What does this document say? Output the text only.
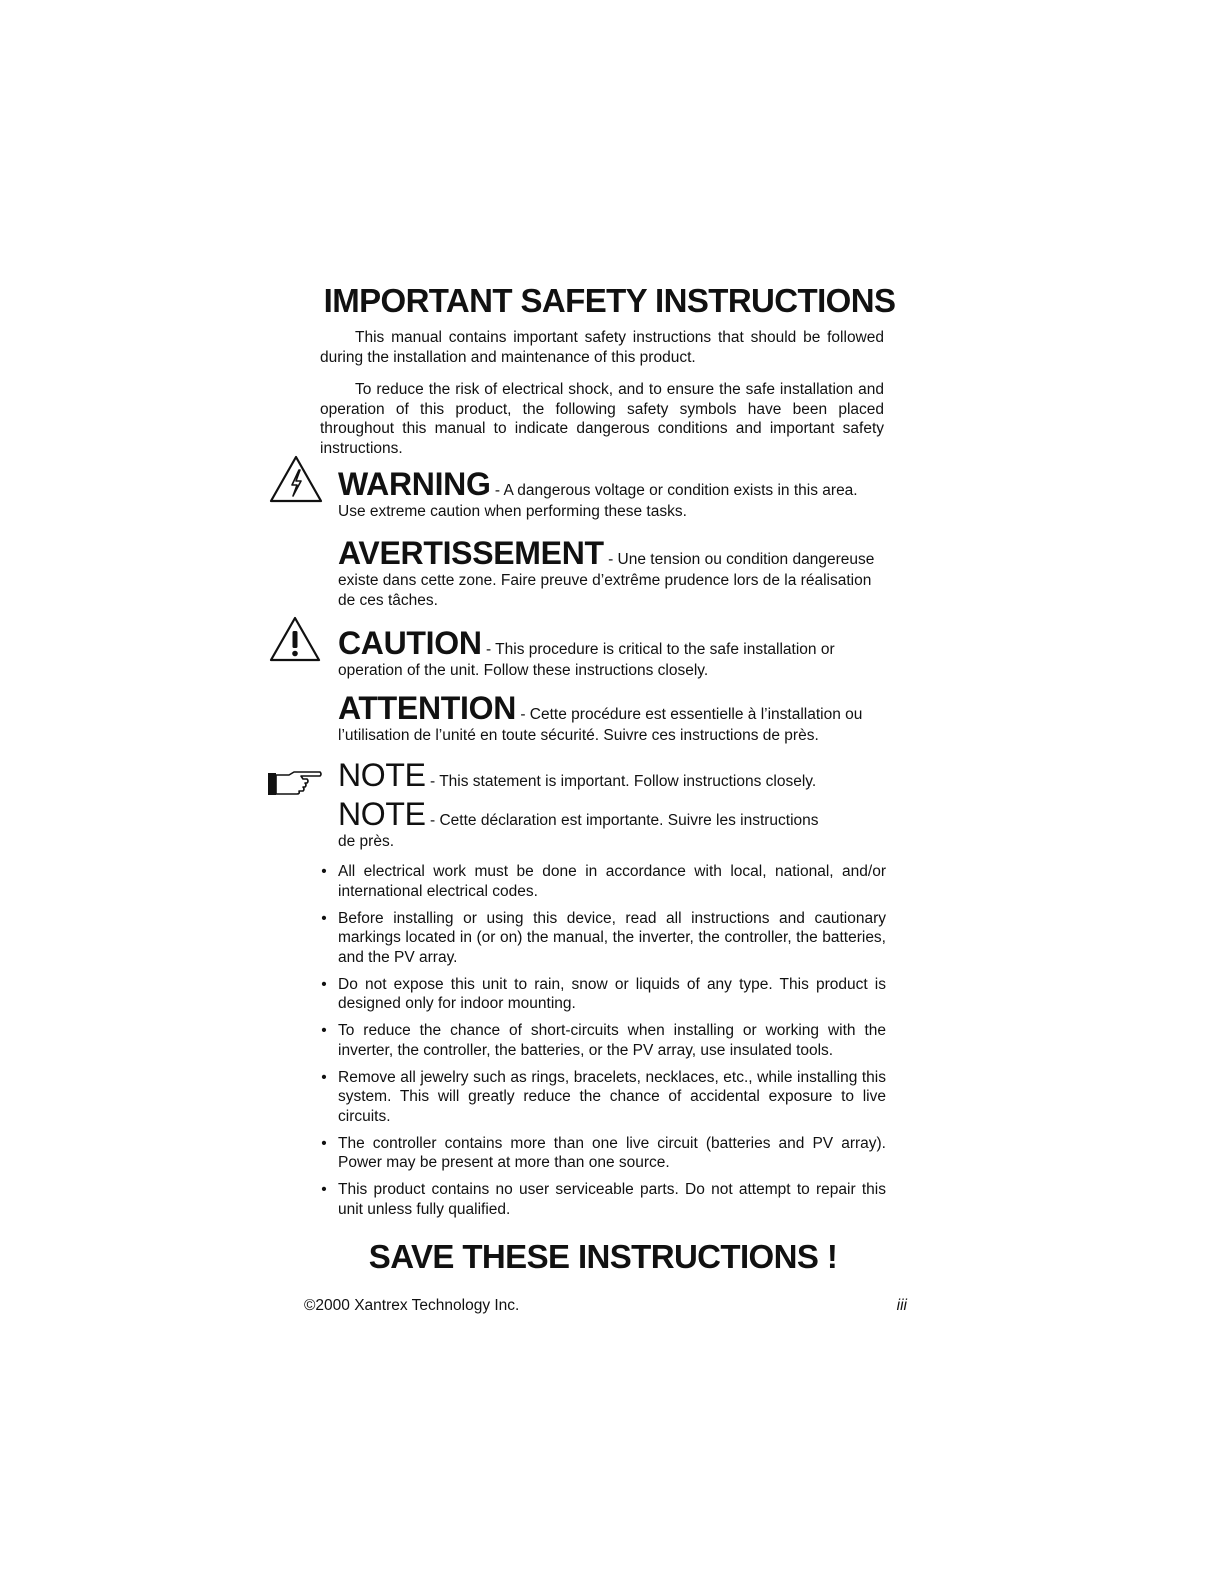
IMPORTANT SAFETY INSTRUCTIONS

This manual contains important safety instructions that should be followed during the installation and maintenance of this product.

To reduce the risk of electrical shock, and to ensure the safe installation and operation of this product, the following safety symbols have been placed throughout this manual to indicate dangerous conditions and important safety instructions.

WARNING - A dangerous voltage or condition exists in this area. Use extreme caution when performing these tasks.

AVERTISSEMENT - Une tension ou condition dangereuse existe dans cette zone. Faire preuve d’extrême prudence lors de la réalisation de ces tâches.

CAUTION - This procedure is critical to the safe installation or operation of the unit. Follow these instructions closely.

ATTENTION - Cette procédure est essentielle à l’installation ou l’utilisation de l’unité en toute sécurité. Suivre ces instructions de près.

NOTE - This statement is important. Follow instructions closely.

NOTE - Cette déclaration est importante. Suivre les instructions de près.

• All electrical work must be done in accordance with local, national, and/or international electrical codes.
• Before installing or using this device, read all instructions and cautionary markings located in (or on) the manual, the inverter, the controller, the batteries, and the PV array.
• Do not expose this unit to rain, snow or liquids of any type. This product is designed only for indoor mounting.
• To reduce the chance of short-circuits when installing or working with the inverter, the controller, the batteries, or the PV array, use insulated tools.
• Remove all jewelry such as rings, bracelets, necklaces, etc., while installing this system. This will greatly reduce the chance of accidental exposure to live circuits.
• The controller contains more than one live circuit (batteries and PV array). Power may be present at more than one source.
• This product contains no user serviceable parts. Do not attempt to repair this unit unless fully qualified.
SAVE THESE INSTRUCTIONS !
©2000 Xantrex Technology Inc.	iii
